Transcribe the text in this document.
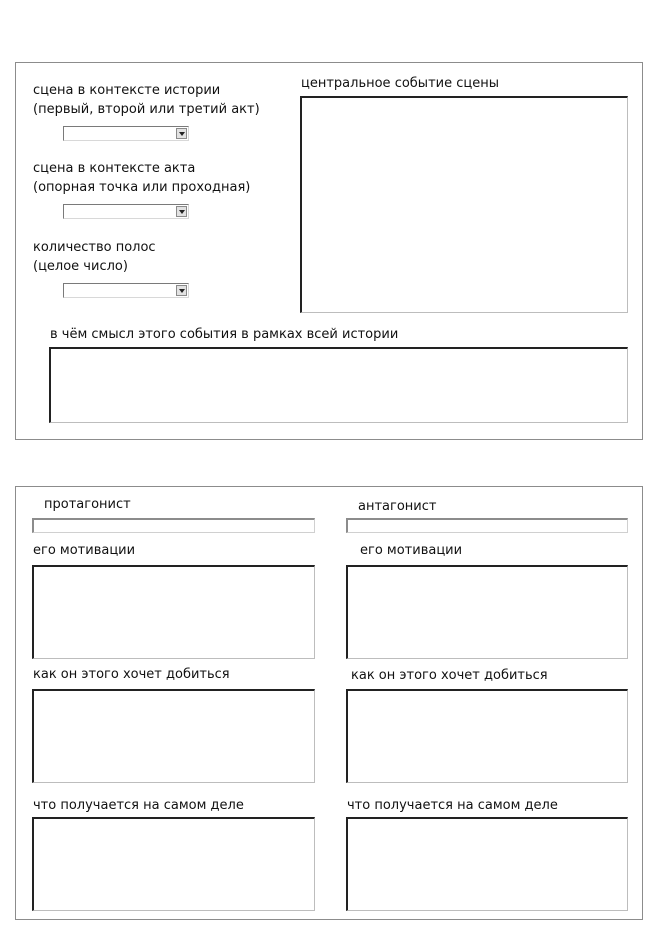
сцена в контексте истории
(первый, второй или третий акт)
сцена в контексте акта
(опорная точка или проходная)
количество полос
(целое число)
центральное событие сцены
в чём смысл этого события в рамках всей истории
протагонист
его мотивации
как он этого хочет добиться
что получается на самом деле
антагонист
его мотивации
как он этого хочет добиться
что получается на самом деле
